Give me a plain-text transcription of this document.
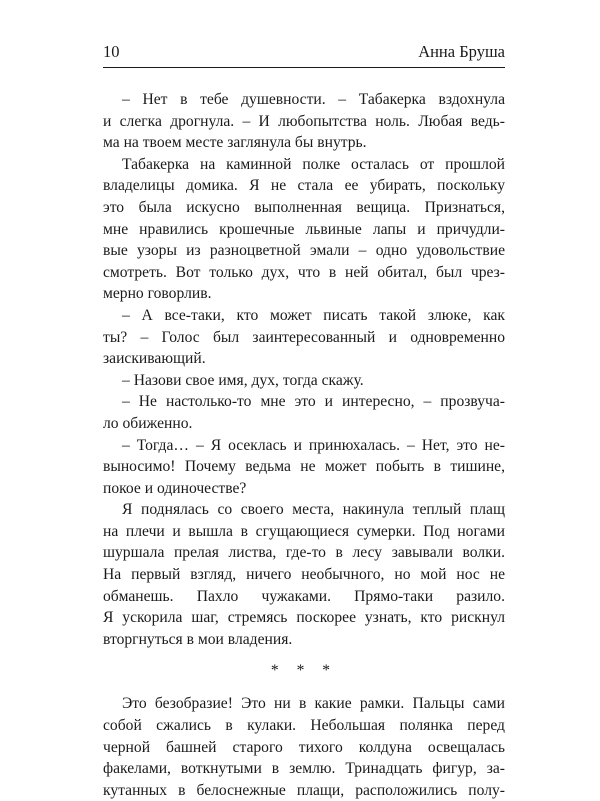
10	Анна Бруша
– Нет в тебе душевности. – Табакерка вздохнула
и слегка дрогнула. – И любопытства ноль. Любая ведь-
ма на твоем месте заглянула бы внутрь.
Табакерка на каминной полке осталась от прошлой
владелицы домика. Я не стала ее убирать, поскольку
это была искусно выполненная вещица. Признаться,
мне нравились крошечные львиные лапы и причудли-
вые узоры из разноцветной эмали – одно удовольствие
смотреть. Вот только дух, что в ней обитал, был чрез-
мерно говорлив.
– А все-таки, кто может писать такой злюке, как
ты? – Голос был заинтересованный и одновременно
заискивающий.
– Назови свое имя, дух, тогда скажу.
– Не настолько-то мне это и интересно, – прозвуча-
ло обиженно.
– Тогда… – Я осеклась и принюхалась. – Нет, это не-
выносимо! Почему ведьма не может побыть в тишине,
покое и одиночестве?
Я поднялась со своего места, накинула теплый плащ
на плечи и вышла в сгущающиеся сумерки. Под ногами
шуршала прелая листва, где-то в лесу завывали волки.
На первый взгляд, ничего необычного, но мой нос не
обманешь. Пахло чужаками. Прямо-таки разило.
Я ускорила шаг, стремясь поскорее узнать, кто рискнул
вторгнуться в мои владения.
* * *
Это безобразие! Это ни в какие рамки. Пальцы сами
собой сжались в кулаки. Небольшая полянка перед
черной башней старого тихого колдуна освещалась
факелами, воткнутыми в землю. Тринадцать фигур, за-
кутанных в белоснежные плащи, расположились полу-
